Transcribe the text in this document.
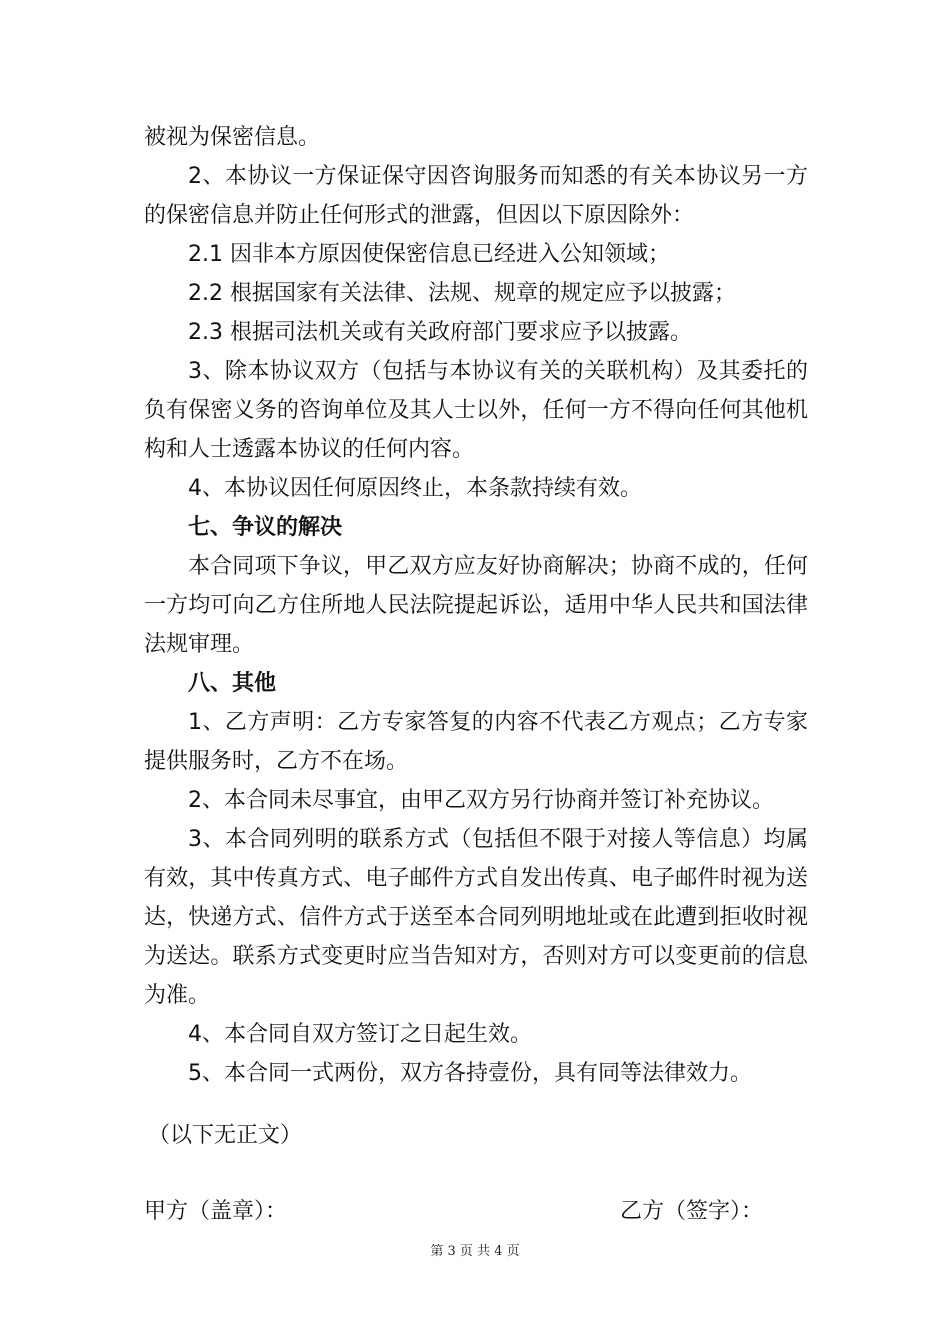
被视为保密信息。

2、本协议一方保证保守因咨询服务而知悉的有关本协议另一方的保密信息并防止任何形式的泄露，但因以下原因除外：

2.1 因非本方原因使保密信息已经进入公知领域；

2.2 根据国家有关法律、法规、规章的规定应予以披露；

2.3 根据司法机关或有关政府部门要求应予以披露。

3、除本协议双方（包括与本协议有关的关联机构）及其委托的负有保密义务的咨询单位及其人士以外，任何一方不得向任何其他机构和人士透露本协议的任何内容。

4、本协议因任何原因终止，本条款持续有效。

七、争议的解决

本合同项下争议，甲乙双方应友好协商解决；协商不成的，任何一方均可向乙方住所地人民法院提起诉讼，适用中华人民共和国法律法规审理。

八、其他

1、乙方声明：乙方专家答复的内容不代表乙方观点；乙方专家提供服务时，乙方不在场。

2、本合同未尽事宜，由甲乙双方另行协商并签订补充协议。

3、本合同列明的联系方式（包括但不限于对接人等信息）均属有效，其中传真方式、电子邮件方式自发出传真、电子邮件时视为送达，快递方式、信件方式于送至本合同列明地址或在此遭到拒收时视为送达。联系方式变更时应当告知对方，否则对方可以变更前的信息为准。

4、本合同自双方签订之日起生效。

5、本合同一式两份，双方各持壹份，具有同等法律效力。

（以下无正文）
甲方（盖章）：	乙方（签字）：
第 3 页 共 4 页
